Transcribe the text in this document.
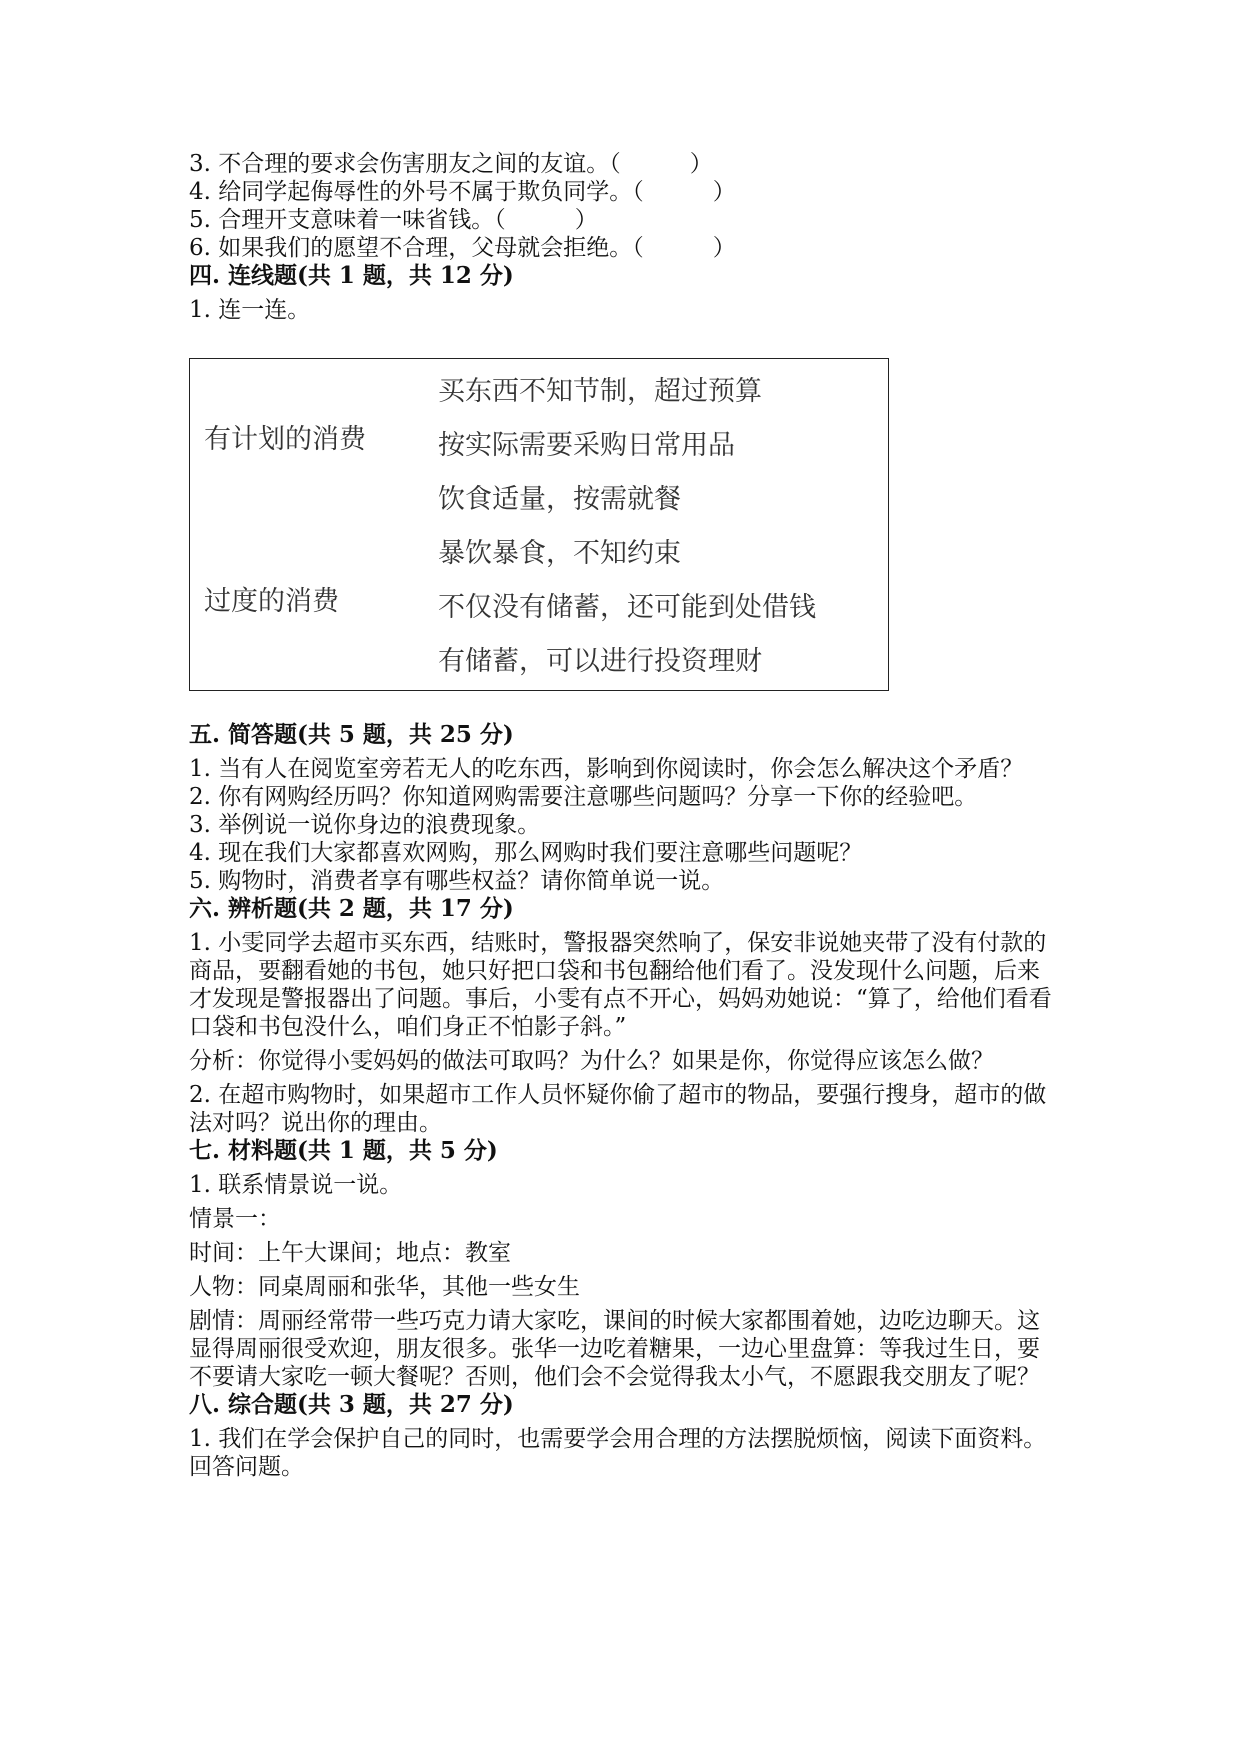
3. 不合理的要求会伤害朋友之间的友谊。（　　　）

4. 给同学起侮辱性的外号不属于欺负同学。（　　　）

5. 合理开支意味着一味省钱。（　　　）

6. 如果我们的愿望不合理，父母就会拒绝。（　　　）

四. 连线题(共 1 题，共 12 分)

1. 连一连。

有计划的消费
过度的消费
买东西不知节制，超过预算
按实际需要采购日常用品
饮食适量，按需就餐
暴饮暴食，不知约束
不仅没有储蓄，还可能到处借钱
有储蓄，可以进行投资理财

五. 简答题(共 5 题，共 25 分)

1. 当有人在阅览室旁若无人的吃东西，影响到你阅读时，你会怎么解决这个矛盾？

2. 你有网购经历吗？你知道网购需要注意哪些问题吗？分享一下你的经验吧。

3. 举例说一说你身边的浪费现象。

4. 现在我们大家都喜欢网购，那么网购时我们要注意哪些问题呢？

5. 购物时，消费者享有哪些权益？请你简单说一说。

六. 辨析题(共 2 题，共 17 分)

1. 小雯同学去超市买东西，结账时，警报器突然响了，保安非说她夹带了没有付款的商品，要翻看她的书包，她只好把口袋和书包翻给他们看了。没发现什么问题，后来才发现是警报器出了问题。事后，小雯有点不开心，妈妈劝她说：“算了，给他们看看口袋和书包没什么，咱们身正不怕影子斜。”

分析：你觉得小雯妈妈的做法可取吗？为什么？如果是你，你觉得应该怎么做？

2. 在超市购物时，如果超市工作人员怀疑你偷了超市的物品，要强行搜身，超市的做法对吗？说出你的理由。

七. 材料题(共 1 题，共 5 分)

1. 联系情景说一说。

情景一：

时间：上午大课间；地点：教室

人物：同桌周丽和张华，其他一些女生

剧情：周丽经常带一些巧克力请大家吃，课间的时候大家都围着她，边吃边聊天。这显得周丽很受欢迎，朋友很多。张华一边吃着糖果，一边心里盘算：等我过生日，要不要请大家吃一顿大餐呢？否则，他们会不会觉得我太小气，不愿跟我交朋友了呢？

八. 综合题(共 3 题，共 27 分)

1. 我们在学会保护自己的同时，也需要学会用合理的方法摆脱烦恼，阅读下面资料。回答问题。
